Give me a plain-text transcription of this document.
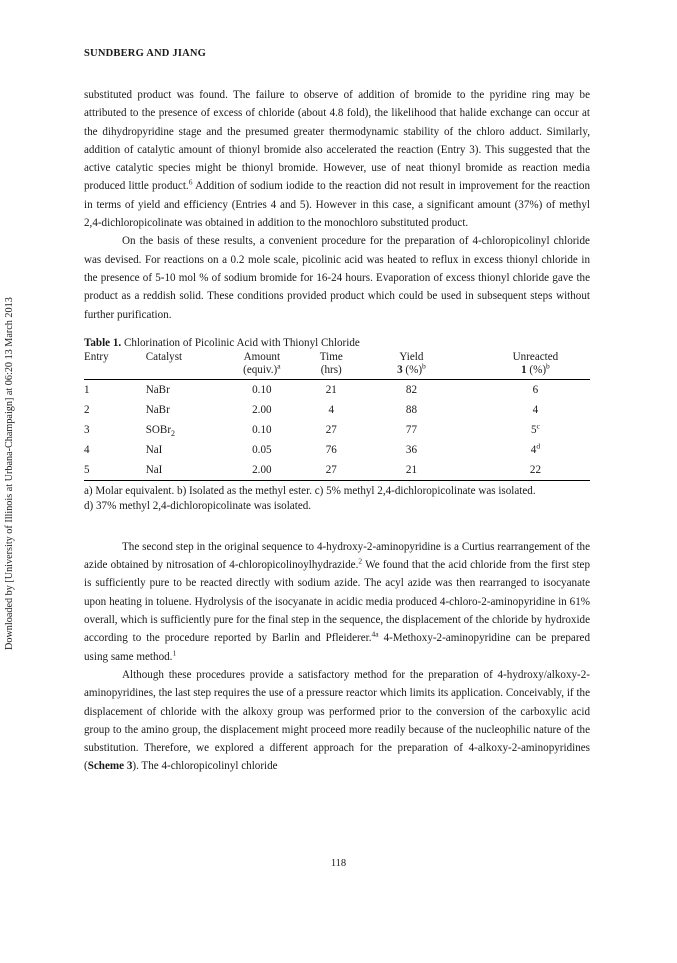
Downloaded by [University of Illinois at Urbana-Champaign] at 06:20 13 March 2013
SUNDBERG AND JIANG

substituted product was found. The failure to observe of addition of bromide to the pyridine ring may be attributed to the presence of excess of chloride (about 4.8 fold), the likelihood that halide exchange can occur at the dihydropyridine stage and the presumed greater thermodynamic stability of the chloro adduct. Similarly, addition of catalytic amount of thionyl bromide also accelerated the reaction (Entry 3). This suggested that the active catalytic species might be thionyl bromide. However, use of neat thionyl bromide as reaction media produced little product.$^6$ Addition of sodium iodide to the reaction did not result in improvement for the reaction in terms of yield and efficiency (Entries 4 and 5). However in this case, a significant amount (37%) of methyl 2,4-dichloropicolinate was obtained in addition to the monochloro substituted product.

On the basis of these results, a convenient procedure for the preparation of 4-chloropicolinyl chloride was devised. For reactions on a 0.2 mole scale, picolinic acid was heated to reflux in excess thionyl chloride in the presence of 5-10 mol % of sodium bromide for 16-24 hours. Evaporation of excess thionyl chloride gave the product as a reddish solid. These conditions provided product which could be used in subsequent steps without further purification.

Table 1. Chlorination of Picolinic Acid with Thionyl Chloride

Entry	Catalyst	Amount	Time	Yield	Unreacted
		(equiv.)$^a$	(hrs)	3 (%)$^b$	1 (%)$^b$
1	NaBr	0.10	21	82	6
2	NaBr	2.00	4	88	4
3	SOBr$_2$	0.10	27	77	5$^c$
4	NaI	0.05	76	36	4$^d$
5	NaI	2.00	27	21	22

a) Molar equivalent. b) Isolated as the methyl ester. c) 5% methyl 2,4-dichloropicolinate was isolated.
d) 37% methyl 2,4-dichloropicolinate was isolated.

The second step in the original sequence to 4-hydroxy-2-aminopyridine is a Curtius rearrangement of the azide obtained by nitrosation of 4-chloropicolinoylhydrazide.$^2$ We found that the acid chloride from the first step is sufficiently pure to be reacted directly with sodium azide. The acyl azide was then rearranged to isocyanate upon heating in toluene. Hydrolysis of the isocyanate in acidic media produced 4-chloro-2-aminopyridine in 61% overall, which is sufficiently pure for the final step in the sequence, the displacement of the chloride by hydroxide according to the procedure reported by Barlin and Pfleiderer.$^{4a}$ 4-Methoxy-2-aminopyridine can be prepared using same method.$^1$

Although these procedures provide a satisfactory method for the preparation of 4-hydroxy/alkoxy-2-aminopyridines, the last step requires the use of a pressure reactor which limits its application. Conceivably, if the displacement of chloride with the alkoxy group was performed prior to the conversion of the carboxylic acid group to the amino group, the displacement might proceed more readily because of the nucleophilic nature of the substitution. Therefore, we explored a different approach for the preparation of 4-alkoxy-2-aminopyridines (Scheme 3). The 4-chloropicolinyl chloride

118
